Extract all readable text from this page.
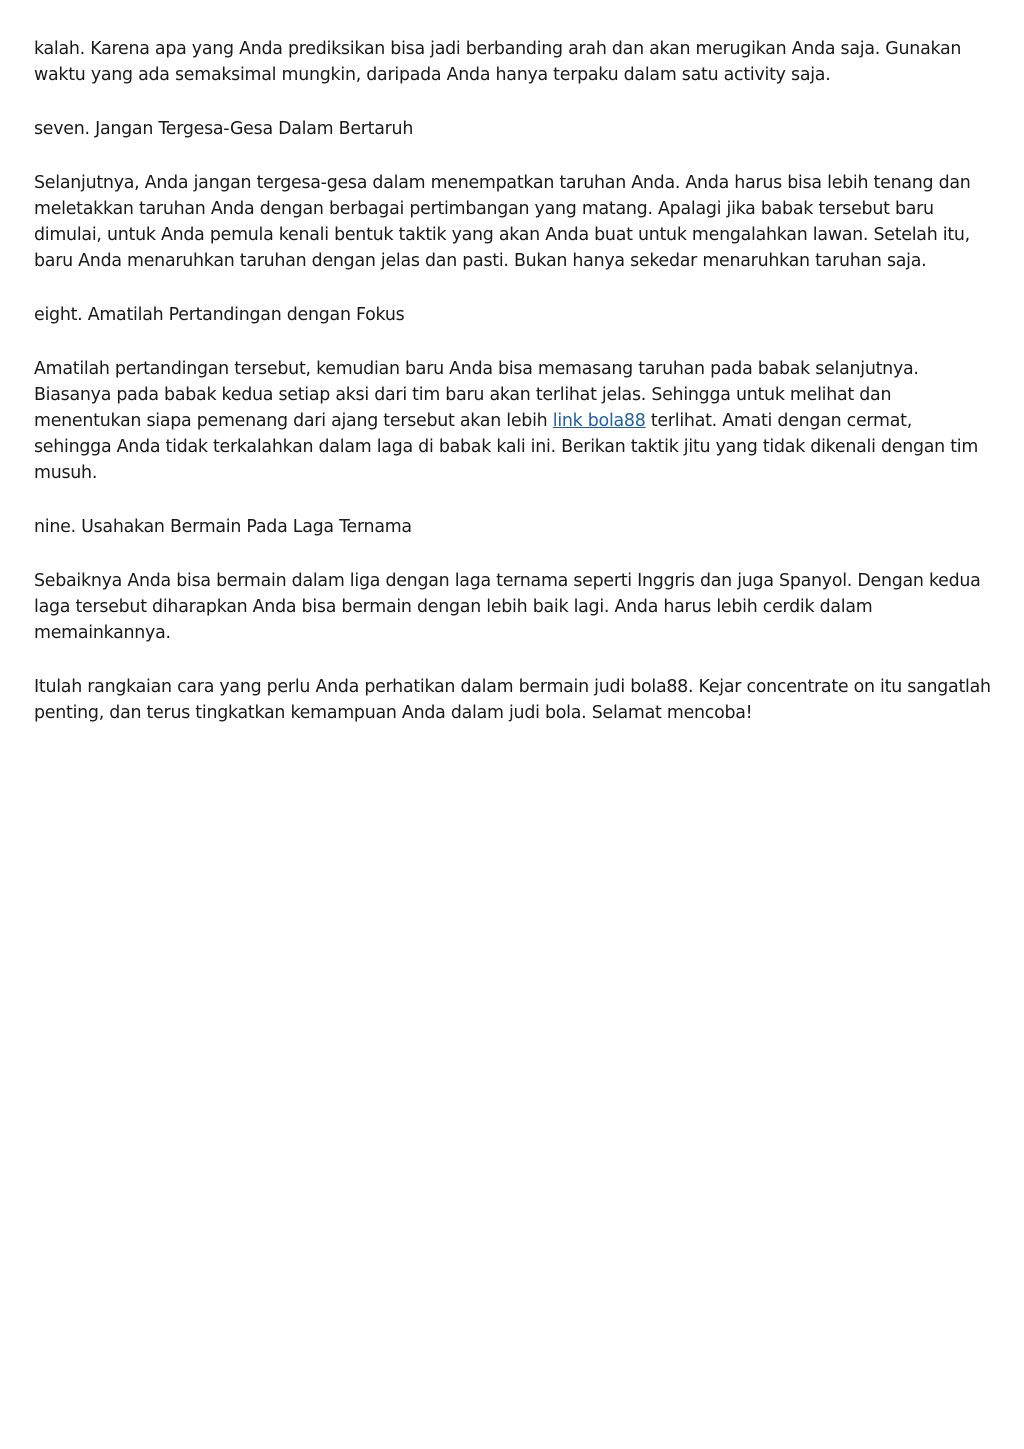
kalah. Karena apa yang Anda prediksikan bisa jadi berbanding arah dan akan merugikan Anda saja. Gunakan waktu yang ada semaksimal mungkin, daripada Anda hanya terpaku dalam satu activity saja.

seven. Jangan Tergesa-Gesa Dalam Bertaruh

Selanjutnya, Anda jangan tergesa-gesa dalam menempatkan taruhan Anda. Anda harus bisa lebih tenang dan meletakkan taruhan Anda dengan berbagai pertimbangan yang matang. Apalagi jika babak tersebut baru dimulai, untuk Anda pemula kenali bentuk taktik yang akan Anda buat untuk mengalahkan lawan. Setelah itu, baru Anda menaruhkan taruhan dengan jelas dan pasti. Bukan hanya sekedar menaruhkan taruhan saja.

eight. Amatilah Pertandingan dengan Fokus

Amatilah pertandingan tersebut, kemudian baru Anda bisa memasang taruhan pada babak selanjutnya. Biasanya pada babak kedua setiap aksi dari tim baru akan terlihat jelas. Sehingga untuk melihat dan menentukan siapa pemenang dari ajang tersebut akan lebih link bola88 terlihat. Amati dengan cermat, sehingga Anda tidak terkalahkan dalam laga di babak kali ini. Berikan taktik jitu yang tidak dikenali dengan tim musuh.

nine. Usahakan Bermain Pada Laga Ternama

Sebaiknya Anda bisa bermain dalam liga dengan laga ternama seperti Inggris dan juga Spanyol. Dengan kedua laga tersebut diharapkan Anda bisa bermain dengan lebih baik lagi. Anda harus lebih cerdik dalam memainkannya.

Itulah rangkaian cara yang perlu Anda perhatikan dalam bermain judi bola88. Kejar concentrate on itu sangatlah penting, dan terus tingkatkan kemampuan Anda dalam judi bola. Selamat mencoba!
